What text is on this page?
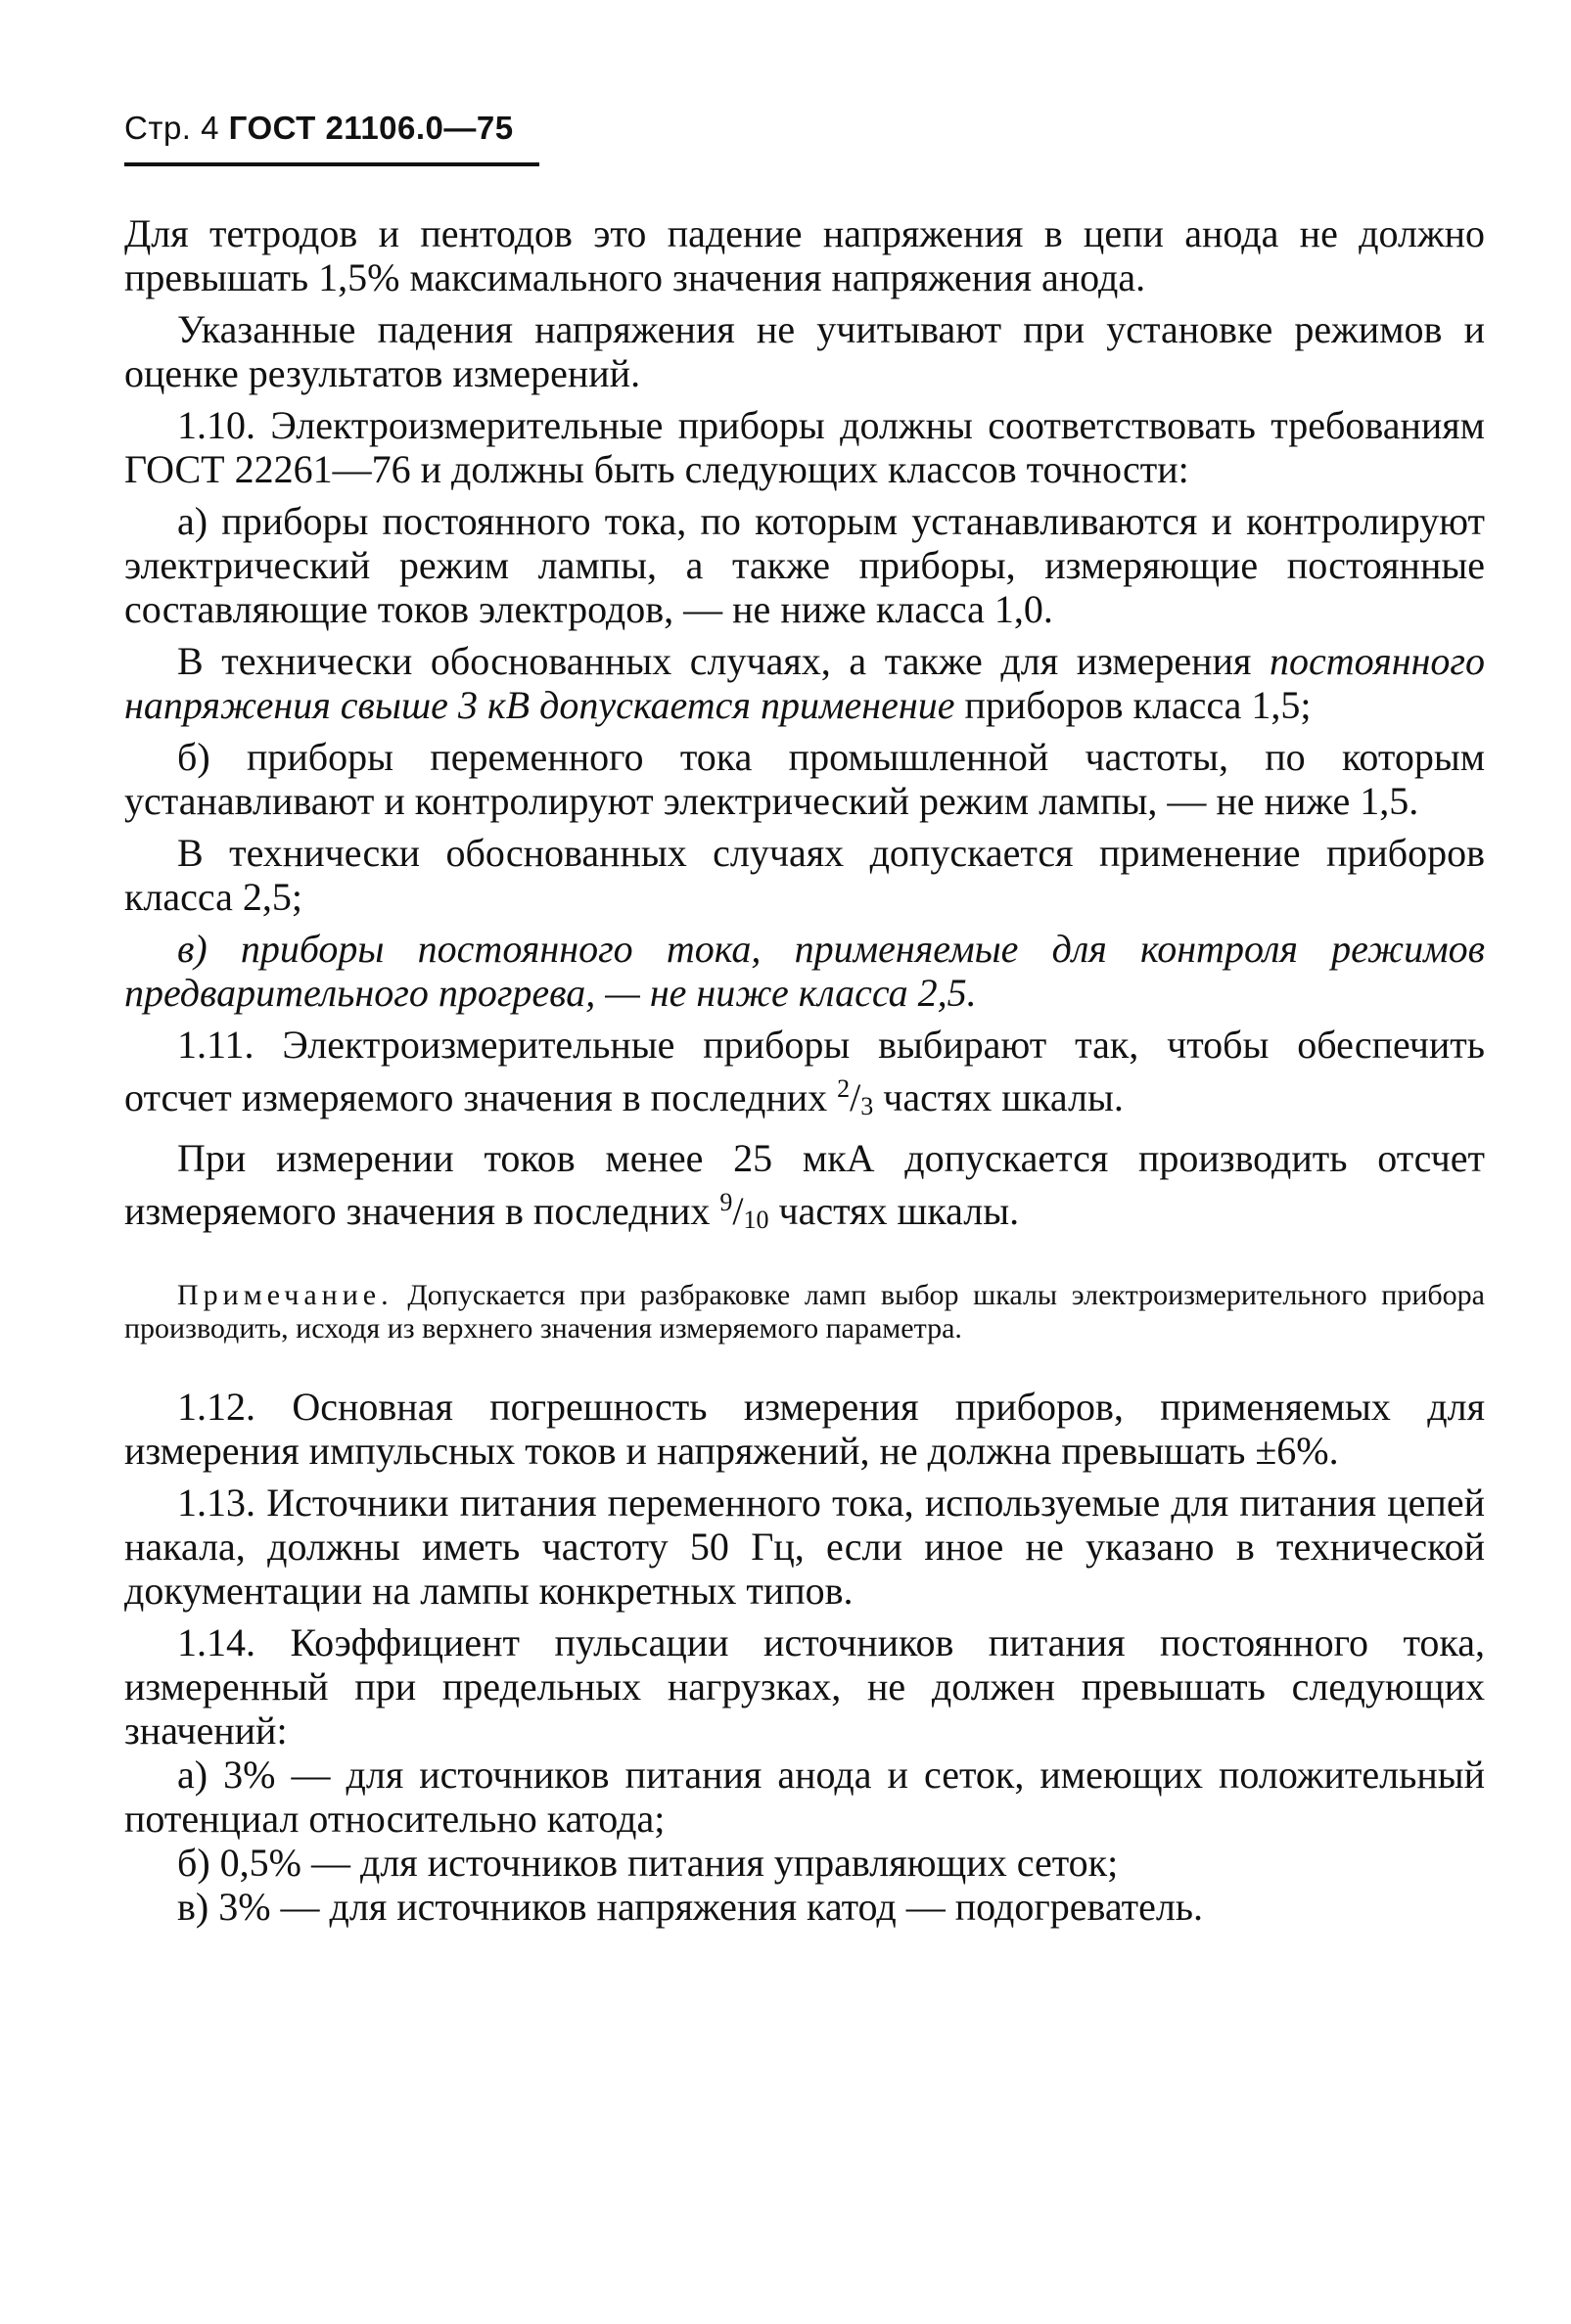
Стр. 4 ГОСТ 21106.0—75

Для тетродов и пентодов это падение напряжения в цепи анода не должно превышать 1,5% максимального значения напряжения анода.

Указанные падения напряжения не учитывают при установке режимов и оценке результатов измерений.

1.10. Электроизмерительные приборы должны соответствовать требованиям ГОСТ 22261—76 и должны быть следующих классов точности:

а) приборы постоянного тока, по которым устанавливаются и контролируют электрический режим лампы, а также приборы, измеряющие постоянные составляющие токов электродов, — не ниже класса 1,0.

В технически обоснованных случаях, а также для измерения постоянного напряжения свыше 3 кВ допускается применение приборов класса 1,5;

б) приборы переменного тока промышленной частоты, по которым устанавливают и контролируют электрический режим лампы, — не ниже 1,5.

В технически обоснованных случаях допускается применение приборов класса 2,5;

в) приборы постоянного тока, применяемые для контроля режимов предварительного прогрева, — не ниже класса 2,5.

1.11. Электроизмерительные приборы выбирают так, чтобы обеспечить отсчет измеряемого значения в последних $^2/_3$ частях шкалы.

При измерении токов менее 25 мкА допускается производить отсчет измеряемого значения в последних $^9/_{10}$ частях шкалы.

Примечание. Допускается при разбраковке ламп выбор шкалы электроизмерительного прибора производить, исходя из верхнего значения измеряемого параметра.

1.12. Основная погрешность измерения приборов, применяемых для измерения импульсных токов и напряжений, не должна превышать ±6%.

1.13. Источники питания переменного тока, используемые для питания цепей накала, должны иметь частоту 50 Гц, если иное не указано в технической документации на лампы конкретных типов.

1.14. Коэффициент пульсации источников питания постоянного тока, измеренный при предельных нагрузках, не должен превышать следующих значений:

а) 3% — для источников питания анода и сеток, имеющих положительный потенциал относительно катода;

б) 0,5% — для источников питания управляющих сеток;

в) 3% — для источников напряжения катод — подогреватель.
